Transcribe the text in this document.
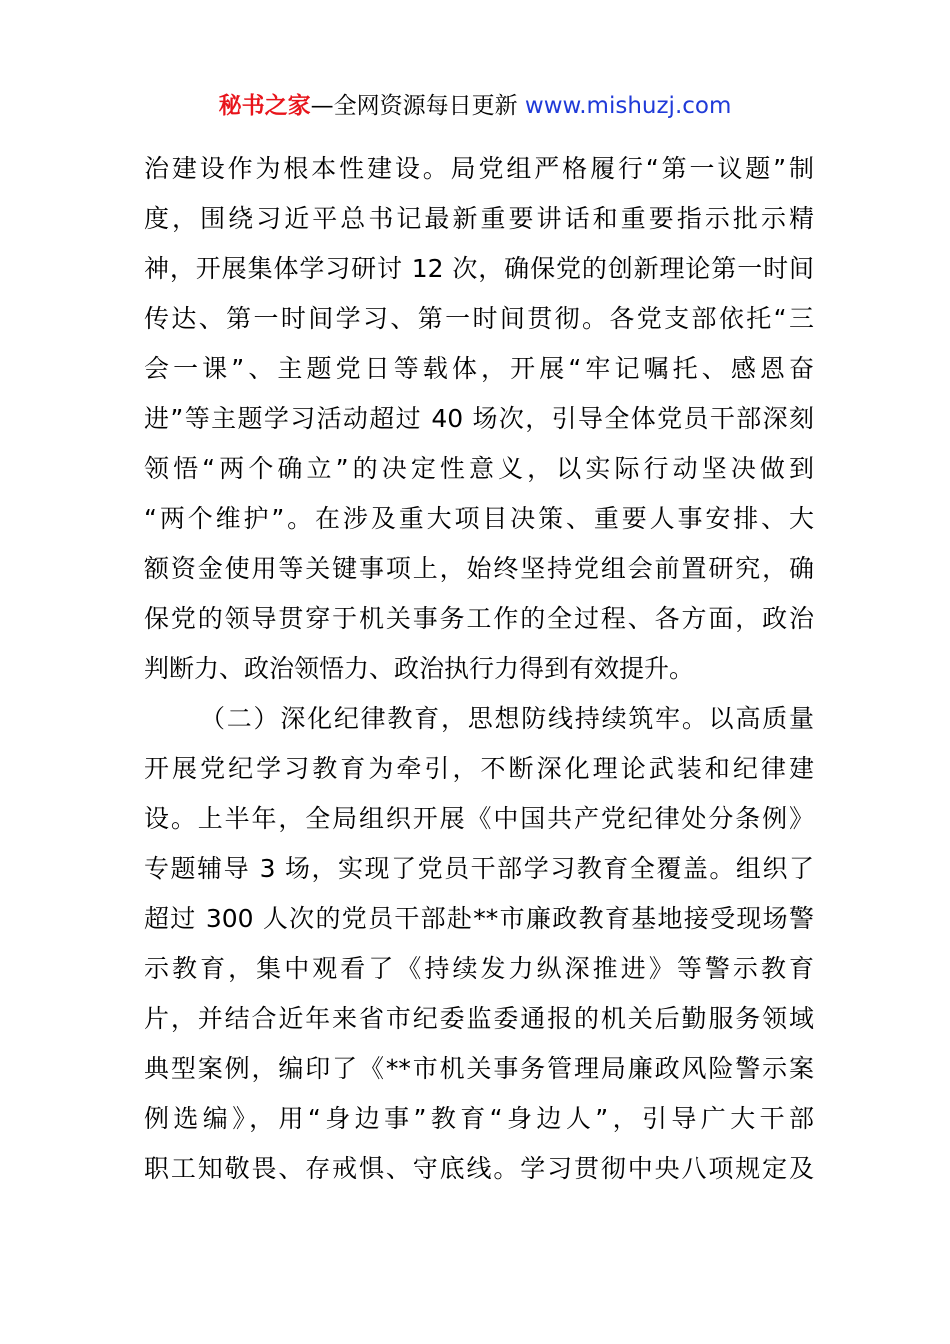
秘书之家—全网资源每日更新 www.mishuzj.com
治建设作为根本性建设。局党组严格履行“第一议题”制
度，围绕习近平总书记最新重要讲话和重要指示批示精
神，开展集体学习研讨 12 次，确保党的创新理论第一时间
传达、第一时间学习、第一时间贯彻。各党支部依托“三
会一课”、主题党日等载体，开展“牢记嘱托、感恩奋
进”等主题学习活动超过 40 场次，引导全体党员干部深刻
领悟“两个确立”的决定性意义，以实际行动坚决做到
“两个维护”。在涉及重大项目决策、重要人事安排、大
额资金使用等关键事项上，始终坚持党组会前置研究，确
保党的领导贯穿于机关事务工作的全过程、各方面，政治
判断力、政治领悟力、政治执行力得到有效提升。
（二）深化纪律教育，思想防线持续筑牢。以高质量
开展党纪学习教育为牵引，不断深化理论武装和纪律建
设。上半年，全局组织开展《中国共产党纪律处分条例》
专题辅导 3 场，实现了党员干部学习教育全覆盖。组织了
超过 300 人次的党员干部赴**市廉政教育基地接受现场警
示教育，集中观看了《持续发力纵深推进》等警示教育
片，并结合近年来省市纪委监委通报的机关后勤服务领域
典型案例，编印了《**市机关事务管理局廉政风险警示案
例选编》，用“身边事”教育“身边人”，引导广大干部
职工知敬畏、存戒惧、守底线。学习贯彻中央八项规定及
